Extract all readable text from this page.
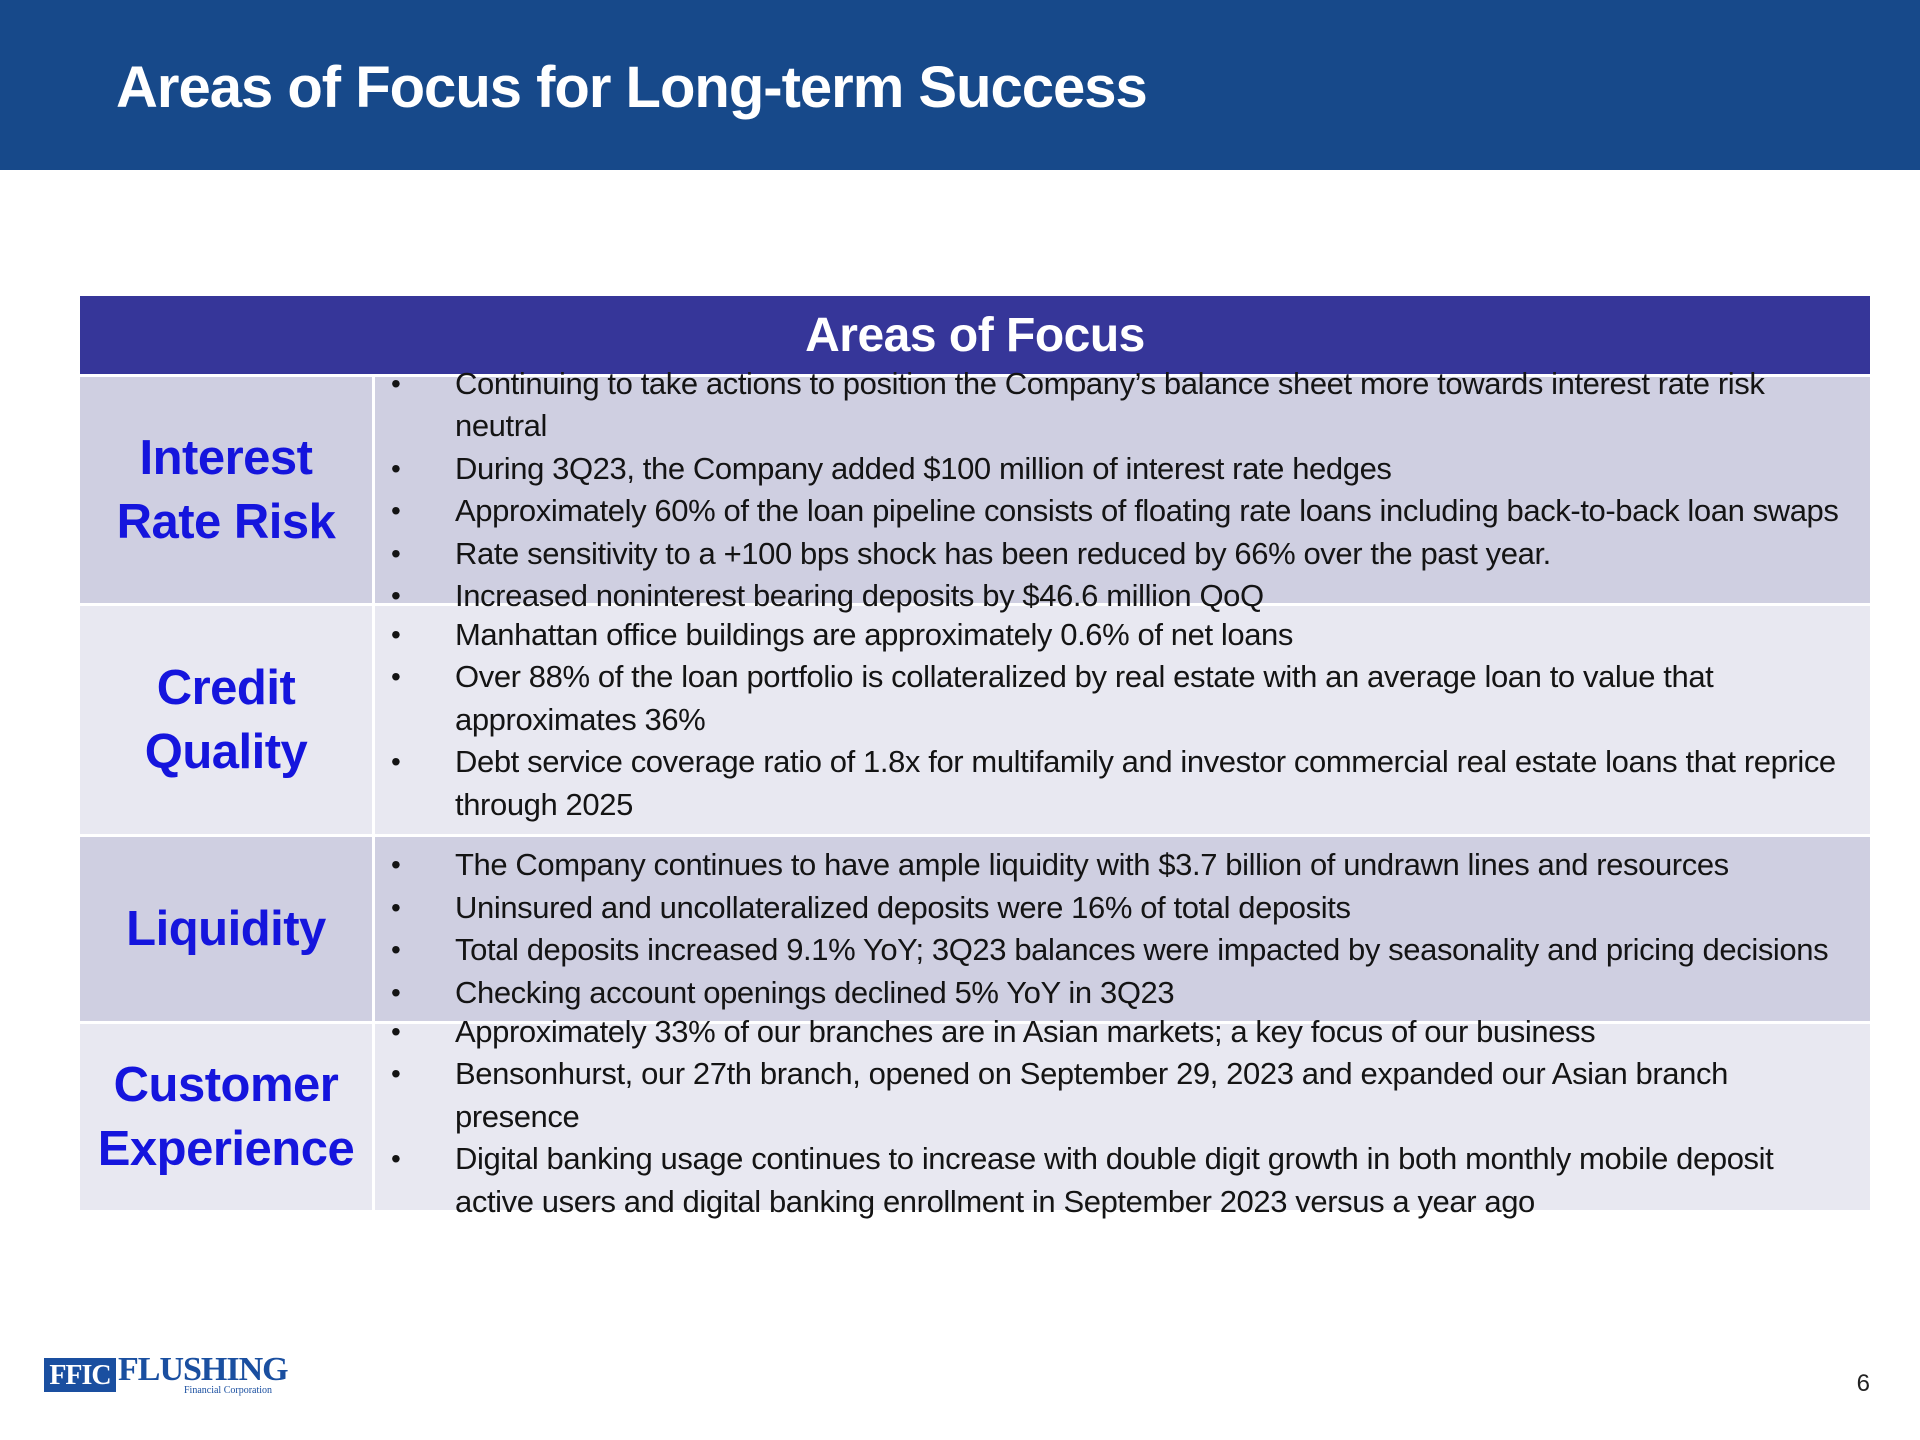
Areas of Focus for Long-term Success
Areas of Focus
Interest Rate Risk
• Continuing to take actions to position the Company’s balance sheet more towards interest rate risk neutral
• During 3Q23, the Company added $100 million of interest rate hedges
• Approximately 60% of the loan pipeline consists of floating rate loans including back-to-back loan swaps
• Rate sensitivity to a +100 bps shock has been reduced by 66% over the past year.
• Increased noninterest bearing deposits by $46.6 million QoQ
Credit Quality
• Manhattan office buildings are approximately 0.6% of net loans
• Over 88% of the loan portfolio is collateralized by real estate with an average loan to value that approximates 36%
• Debt service coverage ratio of 1.8x for multifamily and investor commercial real estate loans that reprice through 2025
Liquidity
• The Company continues to have ample liquidity with $3.7 billion of undrawn lines and resources
• Uninsured and uncollateralized deposits were 16% of total deposits
• Total deposits increased 9.1% YoY; 3Q23 balances were impacted by seasonality and pricing decisions
• Checking account openings declined 5% YoY in 3Q23
Customer Experience
• Approximately 33% of our branches are in Asian markets; a key focus of our business
• Bensonhurst, our 27th branch, opened on September 29, 2023 and expanded our Asian branch presence
• Digital banking usage continues to increase with double digit growth in both monthly mobile deposit active users and digital banking enrollment in September 2023 versus a year ago
FFIC FLUSHING
Financial Corporation	6
